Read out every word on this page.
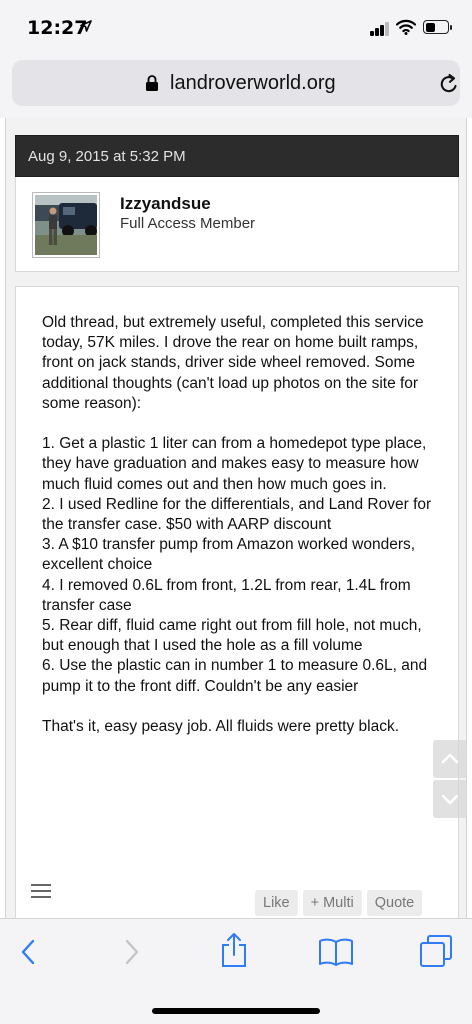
12:27
landroverworld.org
Aug 9, 2015 at 5:32 PM
Izzyandsue
Full Access Member
Old thread, but extremely useful, completed this service today, 57K miles. I drove the rear on home built ramps, front on jack stands, driver side wheel removed. Some additional thoughts (can't load up photos on the site for some reason):

1. Get a plastic 1 liter can from a homedepot type place, they have graduation and makes easy to measure how much fluid comes out and then how much goes in.
2. I used Redline for the differentials, and Land Rover for the transfer case. $50 with AARP discount
3. A $10 transfer pump from Amazon worked wonders, excellent choice
4. I removed 0.6L from front, 1.2L from rear, 1.4L from transfer case
5. Rear diff, fluid came right out from fill hole, not much, but enough that I used the hole as a fill volume
6. Use the plastic can in number 1 to measure 0.6L, and pump it to the front diff. Couldn't be any easier

That's it, easy peasy job. All fluids were pretty black.
Like	+ Multi	Quote
